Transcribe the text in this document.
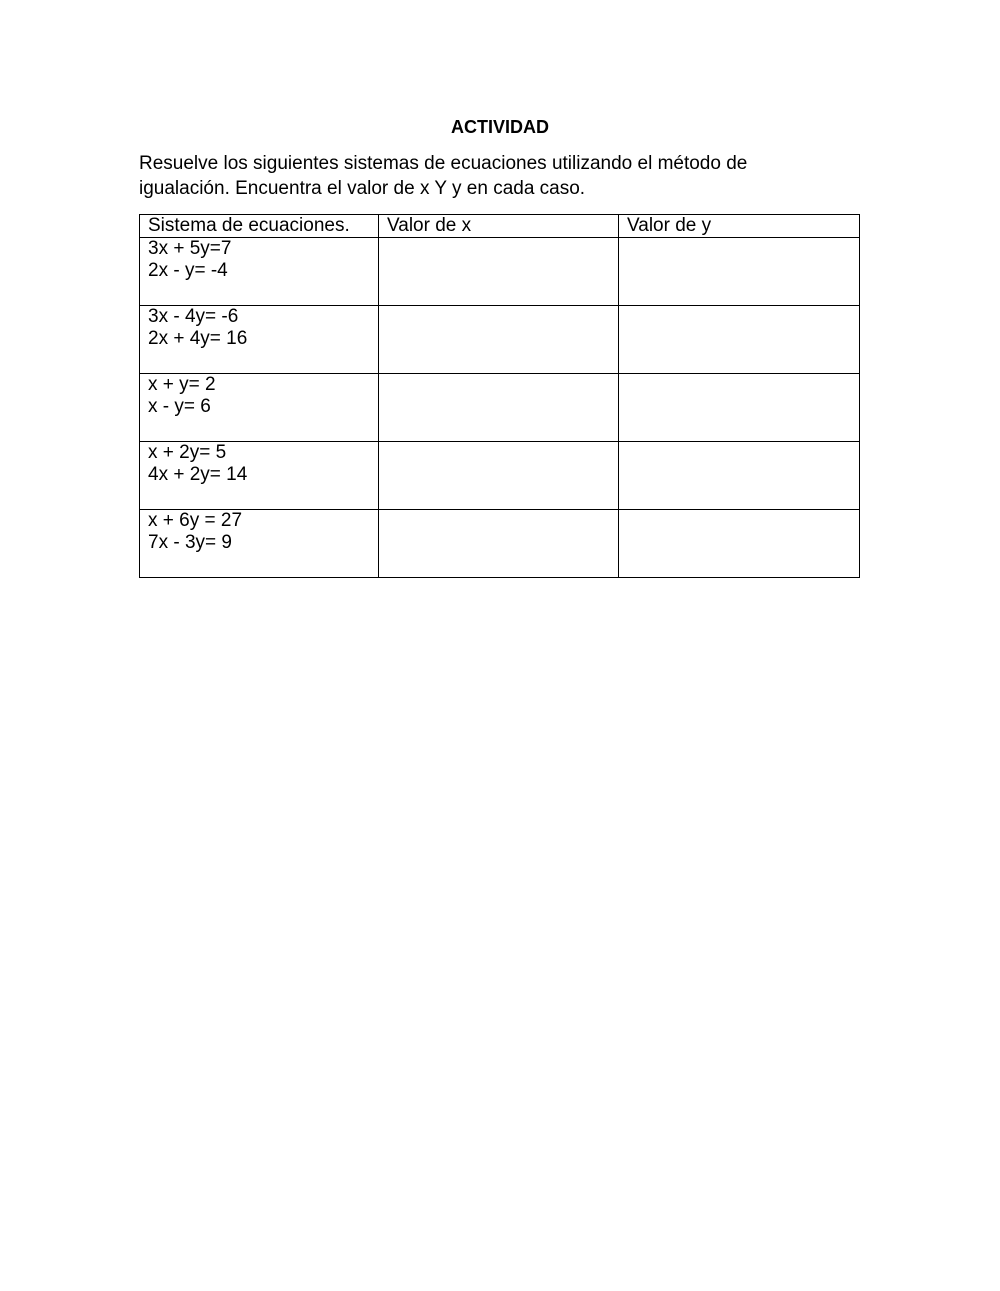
ACTIVIDAD
Resuelve los siguientes sistemas de ecuaciones utilizando el método de
igualación. Encuentra el valor de x Y y en cada caso.
Sistema de ecuaciones.	Valor de x	Valor de y

3x + 5y=7
2x - y= -4		

3x - 4y= -6
2x + 4y= 16		

x + y= 2
x - y= 6		

x + 2y= 5
4x + 2y= 14		

x + 6y = 27
7x - 3y= 9		
